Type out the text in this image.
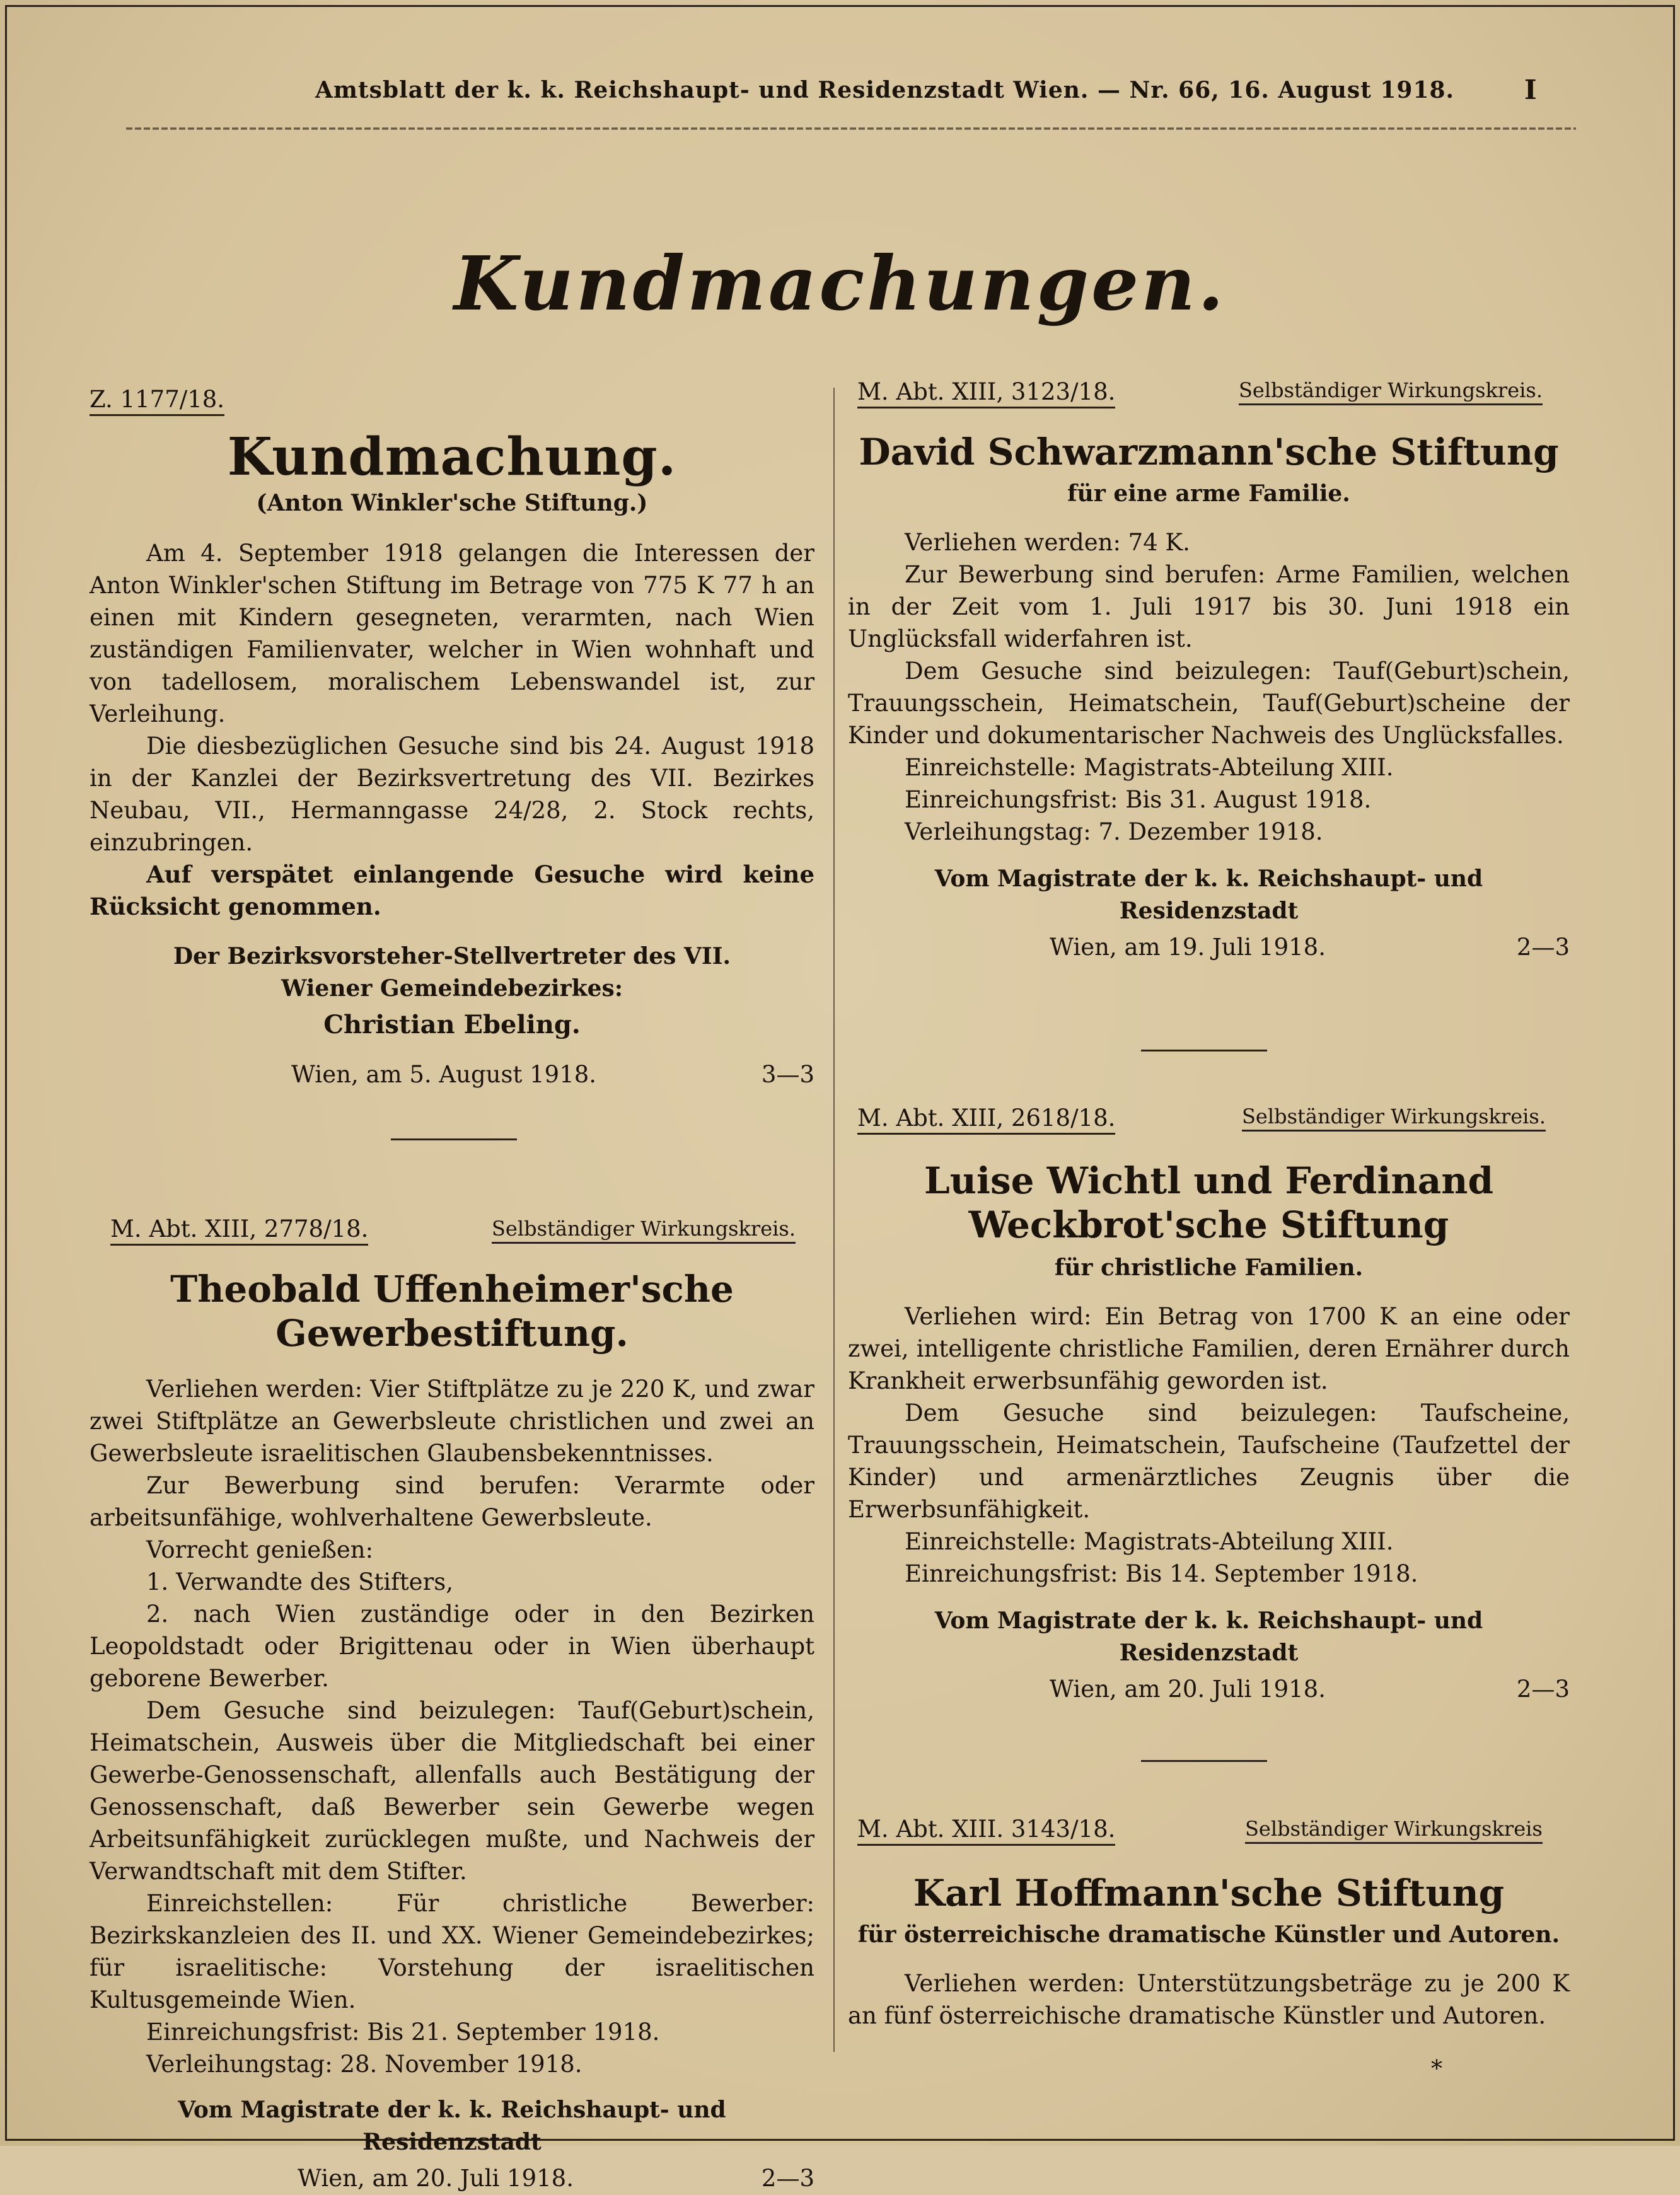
Amtsblatt der k. k. Reichshaupt- und Residenzstadt Wien. — Nr. 66, 16. August 1918.	I
Kundmachungen.
Z. 1177/18.
Kundmachung.
(Anton Winkler'sche Stiftung.)

Am 4. September 1918 gelangen die Interessen der Anton Winkler'schen Stiftung im Betrage von 775 K 77 h an einen mit Kindern gesegneten, verarmten, nach Wien zuständigen Familienvater, welcher in Wien wohnhaft und von tadellosem, moralischem Lebenswandel ist, zur Verleihung.

Die diesbezüglichen Gesuche sind bis 24. August 1918 in der Kanzlei der Bezirksvertretung des VII. Bezirkes Neubau, VII., Hermanngasse 24/28, 2. Stock rechts, einzubringen.

Auf verspätet einlangende Gesuche wird keine Rücksicht genommen.

Der Bezirksvorsteher-Stellvertreter des VII. Wiener Gemeindebezirkes:
Christian Ebeling.
Wien, am 5. August 1918.	3—3
M. Abt. XIII, 2778/18.	Selbständiger Wirkungskreis.
Theobald Uffenheimer'sche Gewerbestiftung.

Verliehen werden: Vier Stiftplätze zu je 220 K, und zwar zwei Stiftplätze an Gewerbsleute christlichen und zwei an Gewerbsleute israelitischen Glaubensbekenntnisses.

Zur Bewerbung sind berufen: Verarmte oder arbeitsunfähige, wohlverhaltene Gewerbsleute.

Vorrecht genießen:

1. Verwandte des Stifters,

2. nach Wien zuständige oder in den Bezirken Leopoldstadt oder Brigittenau oder in Wien überhaupt geborene Bewerber.

Dem Gesuche sind beizulegen: Tauf(Geburt)schein, Heimatschein, Ausweis über die Mitgliedschaft bei einer Gewerbe-Genossenschaft, allenfalls auch Bestätigung der Genossenschaft, daß Bewerber sein Gewerbe wegen Arbeitsunfähigkeit zurücklegen mußte, und Nachweis der Verwandtschaft mit dem Stifter.

Einreichstellen: Für christliche Bewerber: Bezirkskanzleien des II. und XX. Wiener Gemeindebezirkes; für israelitische: Vorstehung der israelitischen Kultusgemeinde Wien.

Einreichungsfrist: Bis 21. September 1918.

Verleihungstag: 28. November 1918.

Vom Magistrate der k. k. Reichshaupt- und Residenzstadt
Wien, am 20. Juli 1918.	2—3
M. Abt. XIII, 3123/18.	Selbständiger Wirkungskreis.
David Schwarzmann'sche Stiftung
für eine arme Familie.

Verliehen werden: 74 K.

Zur Bewerbung sind berufen: Arme Familien, welchen in der Zeit vom 1. Juli 1917 bis 30. Juni 1918 ein Unglücksfall widerfahren ist.

Dem Gesuche sind beizulegen: Tauf(Geburt)schein, Trauungsschein, Heimatschein, Tauf(Geburt)scheine der Kinder und dokumentarischer Nachweis des Unglücksfalles.

Einreichstelle: Magistrats-Abteilung XIII.

Einreichungsfrist: Bis 31. August 1918.

Verleihungstag: 7. Dezember 1918.

Vom Magistrate der k. k. Reichshaupt- und Residenzstadt
Wien, am 19. Juli 1918.	2—3
M. Abt. XIII, 2618/18.	Selbständiger Wirkungskreis.
Luise Wichtl und Ferdinand Weckbrot'sche Stiftung
für christliche Familien.

Verliehen wird: Ein Betrag von 1700 K an eine oder zwei, intelligente christliche Familien, deren Ernährer durch Krankheit erwerbsunfähig geworden ist.

Dem Gesuche sind beizulegen: Taufscheine, Trauungsschein, Heimatschein, Taufscheine (Taufzettel der Kinder) und armenärztliches Zeugnis über die Erwerbsunfähigkeit.

Einreichstelle: Magistrats-Abteilung XIII.

Einreichungsfrist: Bis 14. September 1918.

Vom Magistrate der k. k. Reichshaupt- und Residenzstadt
Wien, am 20. Juli 1918.	2—3
M. Abt. XIII. 3143/18.	Selbständiger Wirkungskreis
Karl Hoffmann'sche Stiftung
für österreichische dramatische Künstler und Autoren.

Verliehen werden: Unterstützungsbeträge zu je 200 K an fünf österreichische dramatische Künstler und Autoren.

*
